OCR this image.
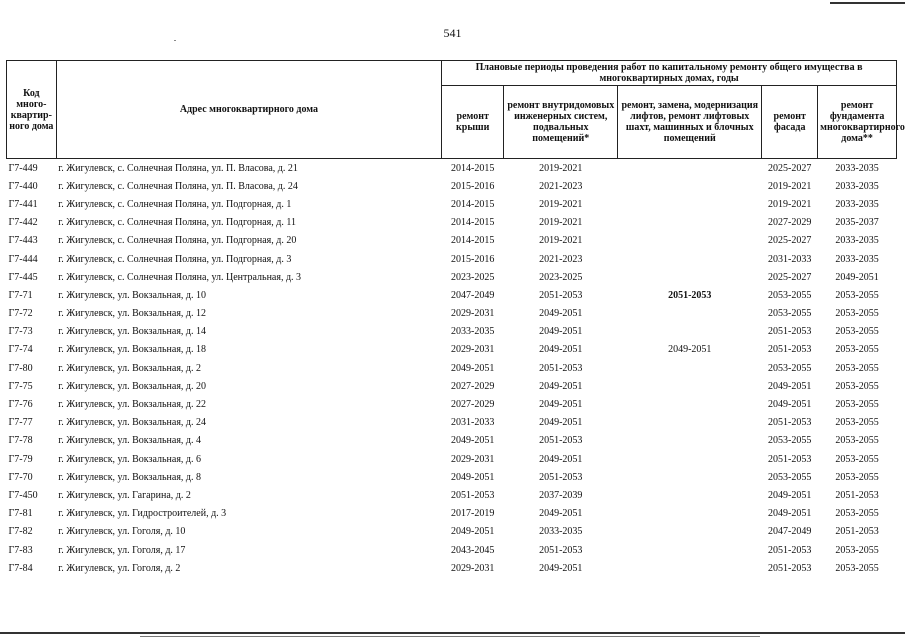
541
Код много-квартир-ного дома	Адрес многоквартирного дома	Плановые периоды проведения работ по капитальному ремонту общего имущества в многоквартирных домах, годы				
		ремонт крыши	ремонт внутридомовых инженерных систем, подвальных помещений*	ремонт, замена, модернизация лифтов, ремонт лифтовых шахт, машинных и блочных помещений	ремонт фасада	ремонт фундамента многоквартирного дома**
Г7-449	г. Жигулевск, с. Солнечная Поляна, ул. П. Власова, д. 21	2014-2015	2019-2021		2025-2027	2033-2035
Г7-440	г. Жигулевск, с. Солнечная Поляна, ул. П. Власова, д. 24	2015-2016	2021-2023		2019-2021	2033-2035
Г7-441	г. Жигулевск, с. Солнечная Поляна, ул. Подгорная, д. 1	2014-2015	2019-2021		2019-2021	2033-2035
Г7-442	г. Жигулевск, с. Солнечная Поляна, ул. Подгорная, д. 11	2014-2015	2019-2021		2027-2029	2035-2037
Г7-443	г. Жигулевск, с. Солнечная Поляна, ул. Подгорная, д. 20	2014-2015	2019-2021		2025-2027	2033-2035
Г7-444	г. Жигулевск, с. Солнечная Поляна, ул. Подгорная, д. 3	2015-2016	2021-2023		2031-2033	2033-2035
Г7-445	г. Жигулевск, с. Солнечная Поляна, ул. Центральная, д. 3	2023-2025	2023-2025		2025-2027	2049-2051
Г7-71	г. Жигулевск, ул. Вокзальная, д. 10	2047-2049	2051-2053	2051-2053	2053-2055	2053-2055
Г7-72	г. Жигулевск, ул. Вокзальная, д. 12	2029-2031	2049-2051		2053-2055	2053-2055
Г7-73	г. Жигулевск, ул. Вокзальная, д. 14	2033-2035	2049-2051		2051-2053	2053-2055
Г7-74	г. Жигулевск, ул. Вокзальная, д. 18	2029-2031	2049-2051	2049-2051	2051-2053	2053-2055
Г7-80	г. Жигулевск, ул. Вокзальная, д. 2	2049-2051	2051-2053		2053-2055	2053-2055
Г7-75	г. Жигулевск, ул. Вокзальная, д. 20	2027-2029	2049-2051		2049-2051	2053-2055
Г7-76	г. Жигулевск, ул. Вокзальная, д. 22	2027-2029	2049-2051		2049-2051	2053-2055
Г7-77	г. Жигулевск, ул. Вокзальная, д. 24	2031-2033	2049-2051		2051-2053	2053-2055
Г7-78	г. Жигулевск, ул. Вокзальная, д. 4	2049-2051	2051-2053		2053-2055	2053-2055
Г7-79	г. Жигулевск, ул. Вокзальная, д. 6	2029-2031	2049-2051		2051-2053	2053-2055
Г7-70	г. Жигулевск, ул. Вокзальная, д. 8	2049-2051	2051-2053		2053-2055	2053-2055
Г7-450	г. Жигулевск, ул. Гагарина, д. 2	2051-2053	2037-2039		2049-2051	2051-2053
Г7-81	г. Жигулевск, ул. Гидростроителей, д. 3	2017-2019	2049-2051		2049-2051	2053-2055
Г7-82	г. Жигулевск, ул. Гоголя, д. 10	2049-2051	2033-2035		2047-2049	2051-2053
Г7-83	г. Жигулевск, ул. Гоголя, д. 17	2043-2045	2051-2053		2051-2053	2053-2055
Г7-84	г. Жигулевск, ул. Гоголя, д. 2	2029-2031	2049-2051		2051-2053	2053-2055
